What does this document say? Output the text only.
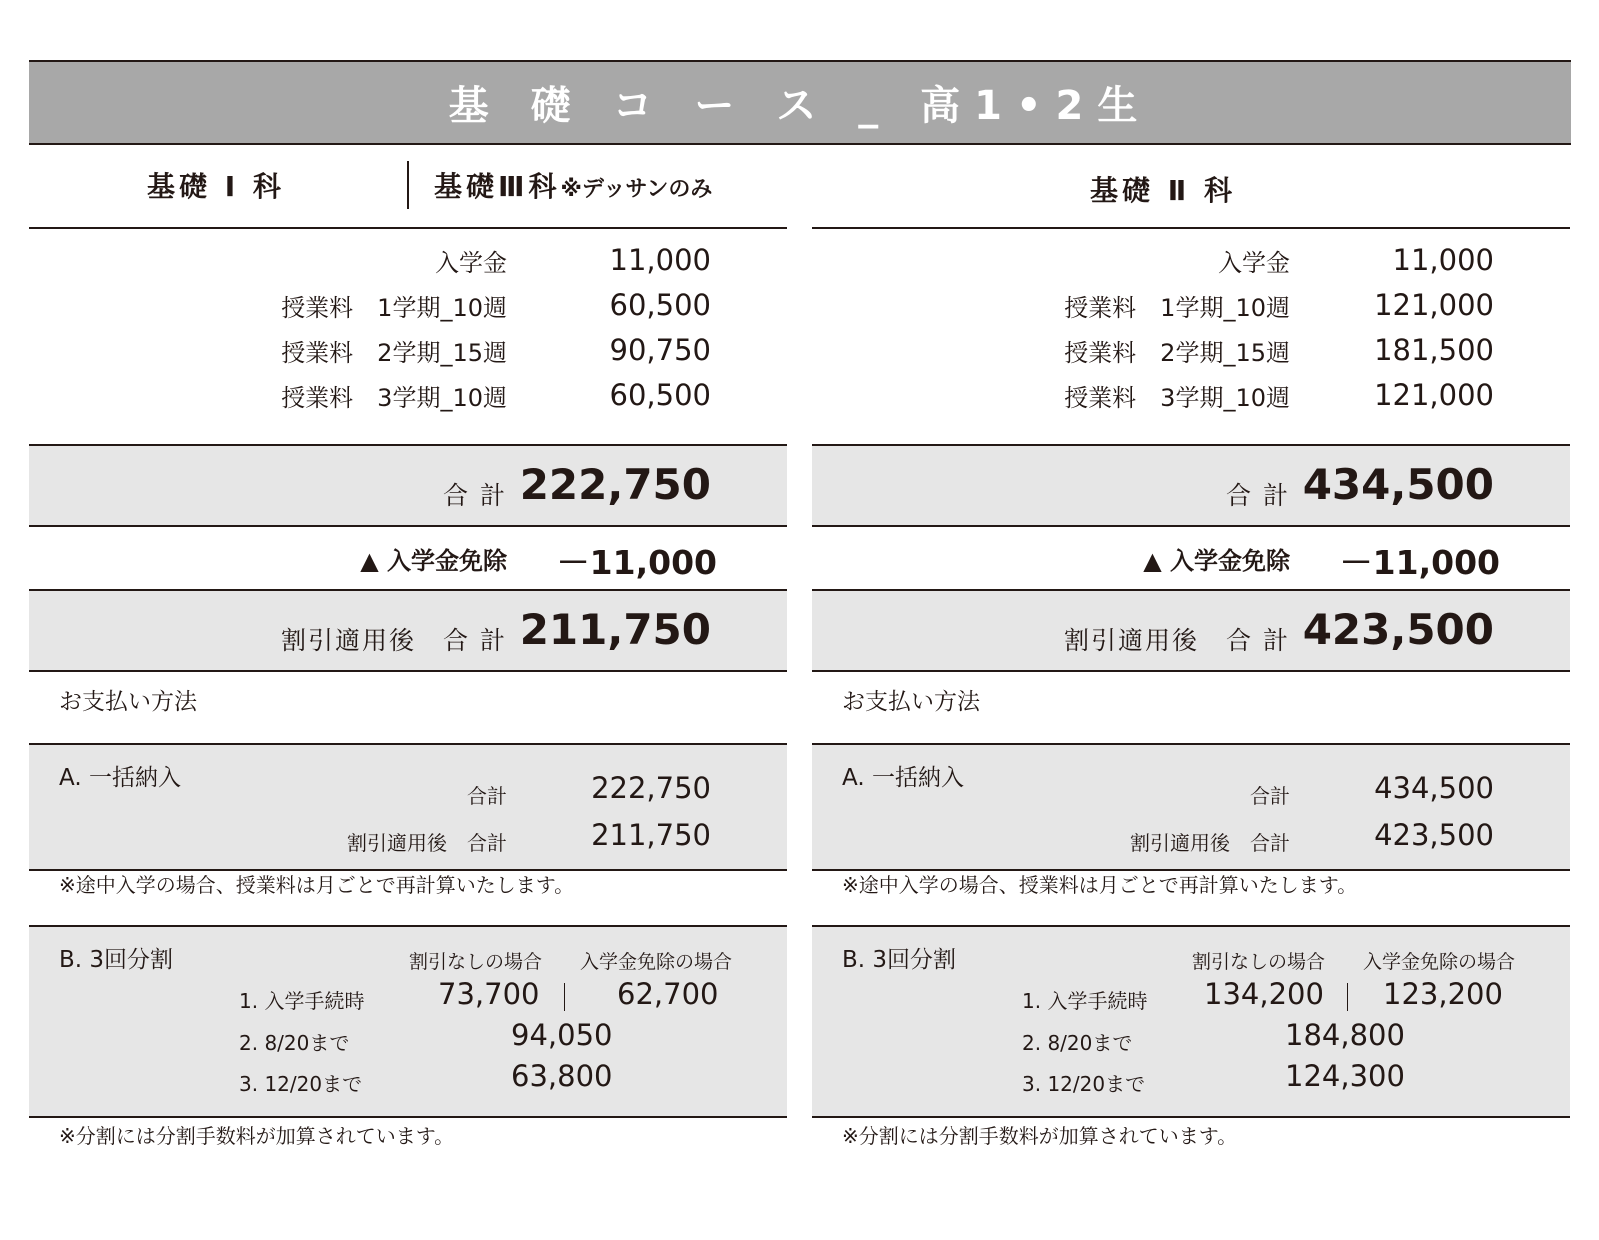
基 礎 コ ー ス _ 高1•2生
基礎 Ⅰ 科	基礎Ⅲ科※デッサンのみ
入学金	11,000
授業料　1学期_10週	60,500
授業料　2学期_15週	90,750
授業料　3学期_10週	60,500
合 計 222,750
▲ 入学金免除 －11,000
割引適用後　合 計 211,750
お支払い方法
A. 一括納入
合計	222,750
割引適用後　合計	211,750
※途中入学の場合、授業料は月ごとで再計算いたします。
B. 3回分割	割引なしの場合 入学金免除の場合
1. 入学手続時	73,700	62,700
2. 8/20まで	94,050
3. 12/20まで	63,800
※分割には分割手数料が加算されています。
基礎 Ⅱ 科
入学金	11,000
授業料　1学期_10週	121,000
授業料　2学期_15週	181,500
授業料　3学期_10週	121,000
合 計 434,500
▲ 入学金免除 －11,000
割引適用後　合 計 423,500
お支払い方法
A. 一括納入
合計	434,500
割引適用後　合計	423,500
※途中入学の場合、授業料は月ごとで再計算いたします。
B. 3回分割	割引なしの場合 入学金免除の場合
1. 入学手続時 134,200 123,200
2. 8/20まで	184,800
3. 12/20まで	124,300
※分割には分割手数料が加算されています。
